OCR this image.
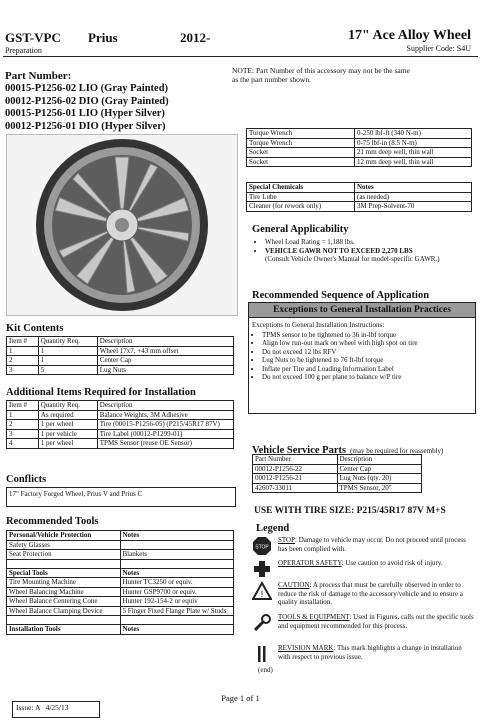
GST-VPC
Preparation
Prius	2012-	17" Ace Alloy Wheel
Supplier Code: S4U
Part Number:
00015-P1256-02 LIO (Gray Painted)
00012-P1256-02 DIO (Gray Painted)
00015-P1256-01 LIO (Hyper Silver)
00012-P1256-01 DIO (Hyper Silver)
NOTE: Part Number of this accessory may not be the same as the part number shown.
Torque Wrench	0-250 lbf-ft (340 N-m)
Torque Wrench	0-75 lbf-in (8.5 N-m)
Socket	21 mm deep well, thin wall
Socket	12 mm deep well, thin wall
Special Chemicals	Notes
Tire Lube	(as needed)
Cleaner (for rework only)	3M Prep-Solvent-70
General Applicability
• Wheel Load Rating = 1,188 lbs.
• VEHICLE GAWR NOT TO EXCEED 2,270 LBS
(Consult Vehicle Owner's Manual for model-specific GAWR.)
Recommended Sequence of Application
Exceptions to General Installation Practices
Exceptions to General Installation Instructions:
• TPMS sensor to be tightened to 36 in-lbf torque
• Align low run-out mark on wheel with high spot on tire
• Do not exceed 12 lbs RFV
• Lug Nuts to be tightened to 76 ft-lbf torque
• Inflate per Tire and Loading Information Label
• Do not exceed 100 g per plane to balance w/P tire
Kit Contents
Item #	Quantity Req.	Description
1	1	Wheel 17x7, +43 mm offset
2	1	Center Cap
3	5	Lug Nuts
Additional Items Required for Installation
Item #	Quantity Req.	Description
1	As required	Balance Weights, 3M Adhesive
2	1 per wheel	Tire (00015-P1256-05) (P215/45R17 87V)
3	1 per vehicle	Tire Label (00012-P1299-01)
4	1 per wheel	TPMS Sensor (reuse OE Sensor)
Conflicts
17" Factory Forged Wheel, Prius V and Prius C
Recommended Tools
Personal/Vehicle Protection	Notes
Safety Glasses	
Seat Protection	Blankets

Special Tools	Notes
Tire Mounting Machine	Hunter TC3250 or equiv.
Wheel Balancing Machine	Hunter GSP9700 or equiv.
Wheel Balance Centering Cone	Hunter 192-154-2 or equiv
Wheel Balance Clamping Device	5 Finger Fixed Flange Plate w/ Studs

Installation Tools	Notes
Vehicle Service Parts (may be required for reassembly)
Part Number	Description
00012-P1256-22	Center Cap
00012-P1256-21	Lug Nuts (qty. 20)
42607-33011	TPMS Sensor, 20"
USE WITH TIRE SIZE: P215/45R17 87V M+S
Legend
STOP
STOP: Damage to vehicle may occur. Do not proceed until process has been complied with.
OPERATOR SAFETY: Use caution to avoid risk of injury.
!
CAUTION: A process that must be carefully observed in order to reduce the risk of damage to the accessory/vehicle and to ensure a quality installation.
TOOLS & EQUIPMENT: Used in Figures, calls out the specific tools and equipment recommended for this process.
REVISION MARK: This mark highlights a change in installation with respect to previous issue.
(end)
Page 1 of 1
Issue: A   4/25/13
